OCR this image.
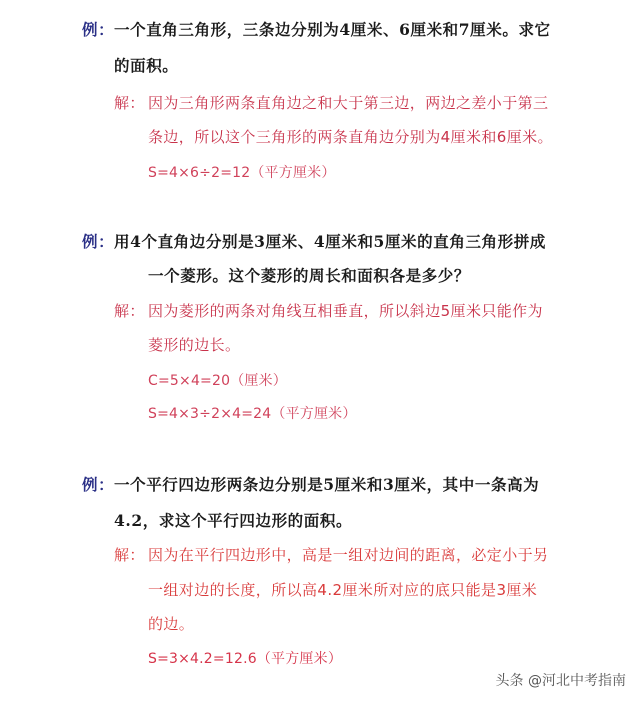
例： 一个直角三角形，三条边分别为4厘米、6厘米和7厘米。求它
的面积。
解： 因为三角形两条直角边之和大于第三边，两边之差小于第三
条边，所以这个三角形的两条直角边分别为4厘米和6厘米。
S=4×6÷2=12（平方厘米）
例： 用4个直角边分别是3厘米、4厘米和5厘米的直角三角形拼成
一个菱形。这个菱形的周长和面积各是多少？
解： 因为菱形的两条对角线互相垂直，所以斜边5厘米只能作为
菱形的边长。
C=5×4=20（厘米）
S=4×3÷2×4=24（平方厘米）
例： 一个平行四边形两条边分别是5厘米和3厘米，其中一条高为
4.2，求这个平行四边形的面积。
解： 因为在平行四边形中，高是一组对边间的距离，必定小于另
一组对边的长度，所以高4.2厘米所对应的底只能是3厘米
的边。
S=3×4.2=12.6（平方厘米）
头条 @河北中考指南
